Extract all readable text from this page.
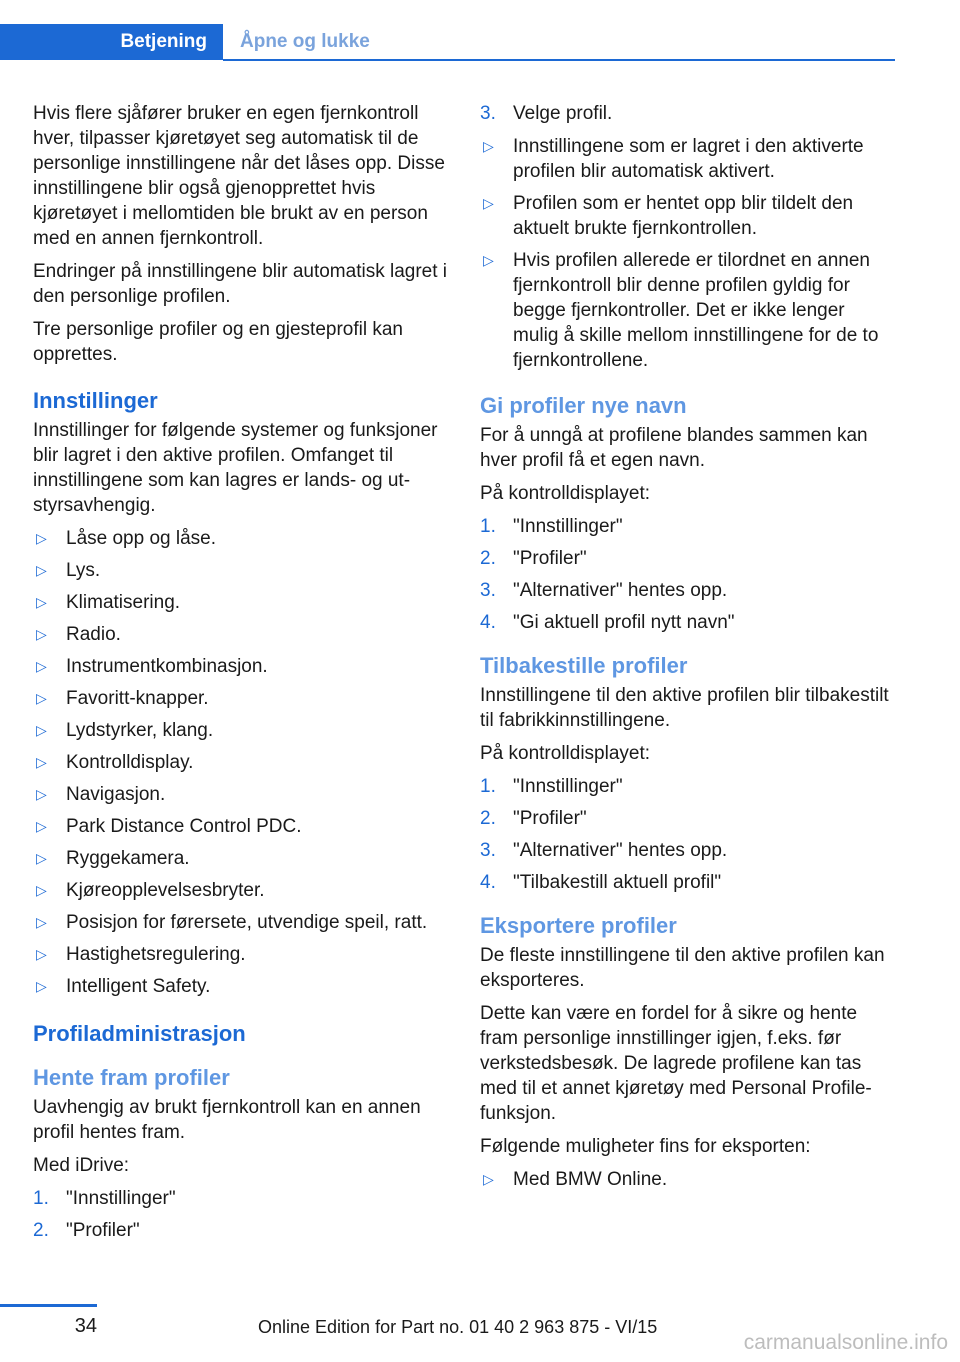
Betjening	Åpne og lukke

Hvis flere sjåfører bruker en egen fjernkontroll hver, tilpasser kjøretøyet seg automatisk til de personlige innstillingene når det låses opp. Disse innstillingene blir også gjenopprettet hvis kjøretøyet i mellomtiden ble brukt av en person med en annen fjernkontroll.

Endringer på innstillingene blir automatisk lagret i den personlige profilen.

Tre personlige profiler og en gjesteprofil kan opprettes.

Innstillinger

Innstillinger for følgende systemer og funksjoner blir lagret i den aktive profilen. Omfanget til innstillingene som kan lagres er lands- og utstyrsavhengig.

▷	Låse opp og låse.
▷	Lys.
▷	Klimatisering.
▷	Radio.
▷	Instrumentkombinasjon.
▷	Favoritt-knapper.
▷	Lydstyrker, klang.
▷	Kontrolldisplay.
▷	Navigasjon.
▷	Park Distance Control PDC.
▷	Ryggekamera.
▷	Kjøreopplevelsesbryter.
▷	Posisjon for førersete, utvendige speil, ratt.
▷	Hastighetsregulering.
▷	Intelligent Safety.
Profiladministrasjon
Hente fram profiler

Uavhengig av brukt fjernkontroll kan en annen profil hentes fram.

Med iDrive:

1. "Innstillinger"
2. "Profiler"
3. Velge profil.
▷	Innstillingene som er lagret i den aktiverte profilen blir automatisk aktivert.
▷	Profilen som er hentet opp blir tildelt den aktuelt brukte fjernkontrollen.
▷	Hvis profilen allerede er tilordnet en annen fjernkontroll blir denne profilen gyldig for begge fjernkontroller. Det er ikke lenger mulig å skille mellom innstillingene for de to fjernkontrollene.
Gi profiler nye navn

For å unngå at profilene blandes sammen kan hver profil få et egen navn.

På kontrolldisplayet:

1. "Innstillinger"
2. "Profiler"
3. "Alternativer" hentes opp.
4. "Gi aktuell profil nytt navn"
Tilbakestille profiler

Innstillingene til den aktive profilen blir tilbakestilt til fabrikkinnstillingene.

På kontrolldisplayet:

1. "Innstillinger"
2. "Profiler"
3. "Alternativer" hentes opp.
4. "Tilbakestill aktuell profil"
Eksportere profiler

De fleste innstillingene til den aktive profilen kan eksporteres.

Dette kan være en fordel for å sikre og hente fram personlige innstillinger igjen, f.eks. før verkstedsbesøk. De lagrede profilene kan tas med til et annet kjøretøy med Personal Profile-funksjon.

Følgende muligheter fins for eksporten:

▷	Med BMW Online.
34	Online Edition for Part no. 01 40 2 963 875 - VI/15
carmanualsonline.info
